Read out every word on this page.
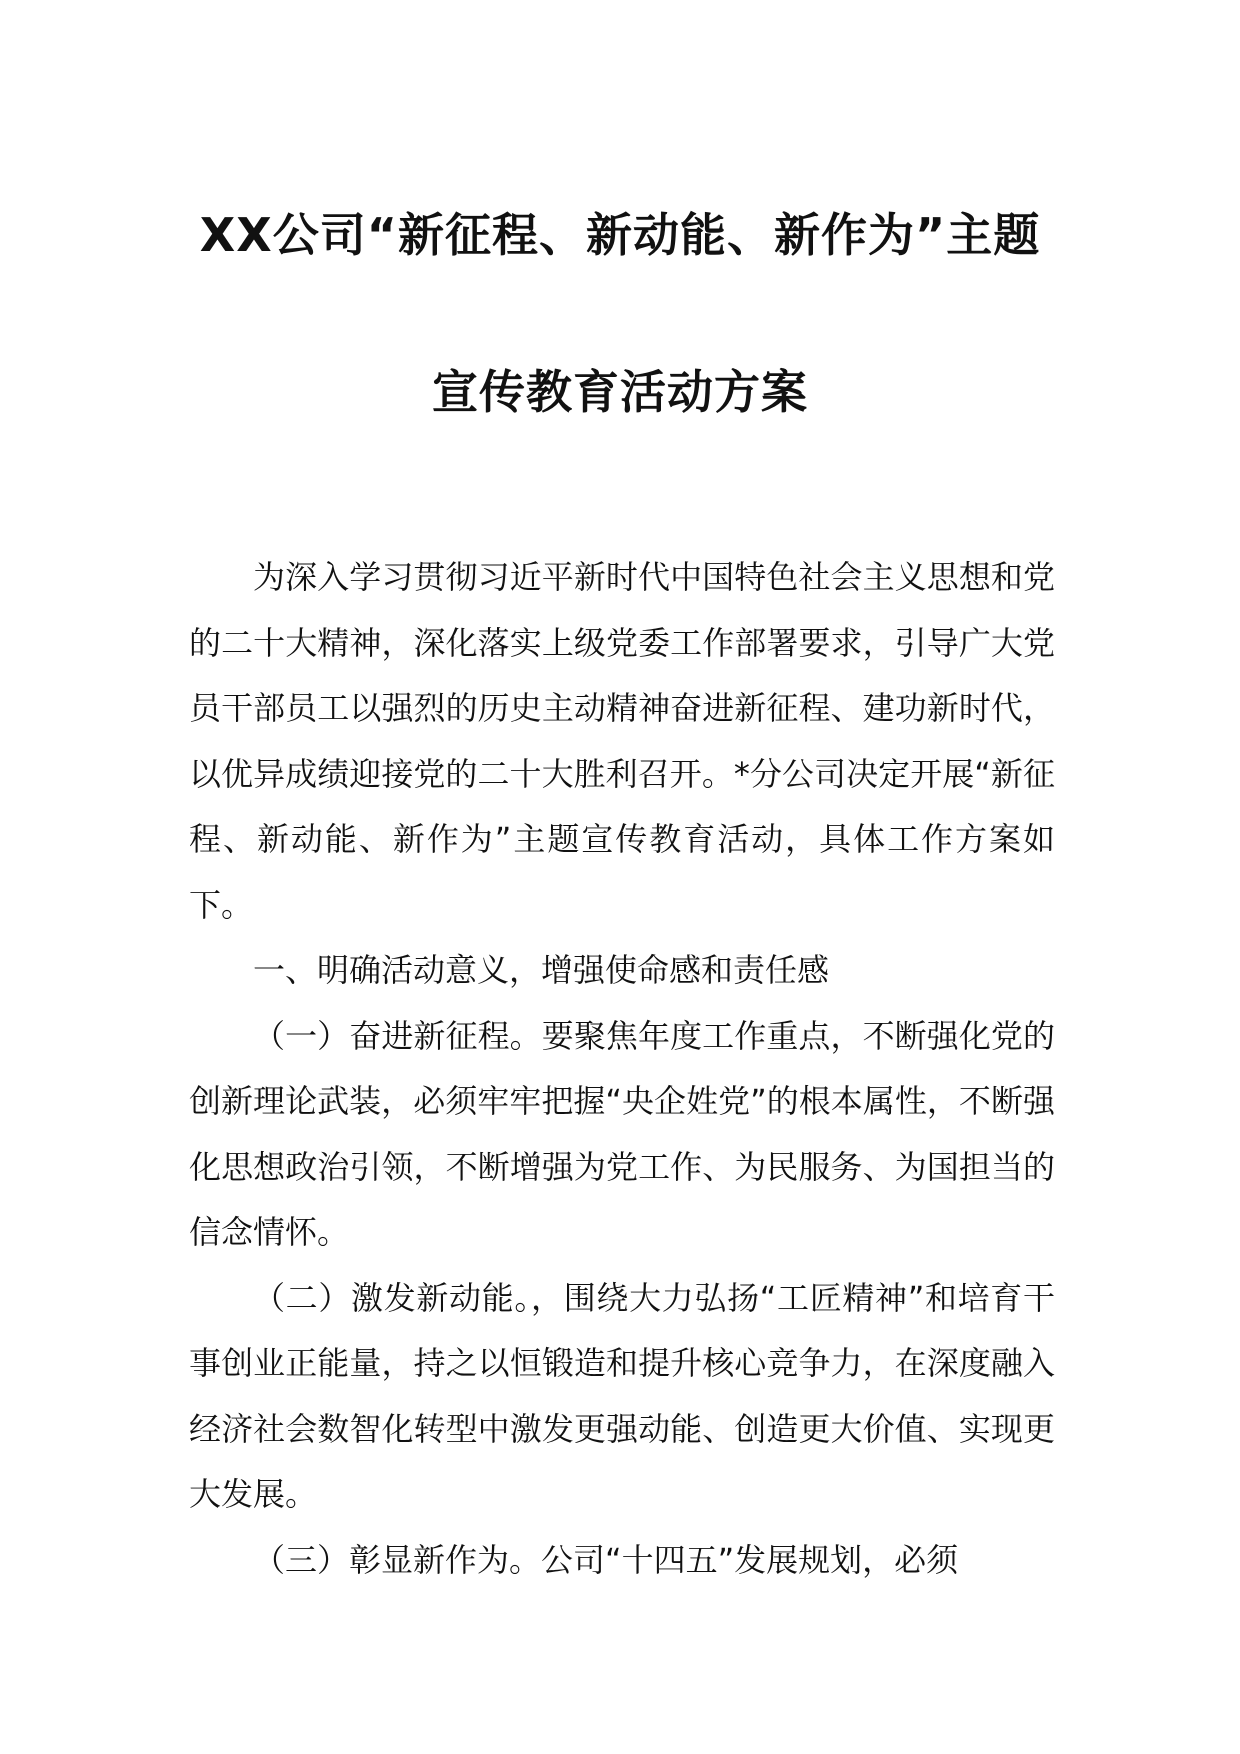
XX公司“新征程、新动能、新作为”主题
宣传教育活动方案

为深入学习贯彻习近平新时代中国特色社会主义思想和党的二十大精神，深化落实上级党委工作部署要求，引导广大党员干部员工以强烈的历史主动精神奋进新征程、建功新时代，以优异成绩迎接党的二十大胜利召开。*分公司决定开展“新征程、新动能、新作为”主题宣传教育活动，具体工作方案如下。

一、明确活动意义，增强使命感和责任感

（一）奋进新征程。要聚焦年度工作重点，不断强化党的创新理论武装，必须牢牢把握“央企姓党”的根本属性，不断强化思想政治引领，不断增强为党工作、为民服务、为国担当的信念情怀。

（二）激发新动能。，围绕大力弘扬“工匠精神”和培育干事创业正能量，持之以恒锻造和提升核心竞争力，在深度融入经济社会数智化转型中激发更强动能、创造更大价值、实现更大发展。

（三）彰显新作为。公司“十四五”发展规划，必须
